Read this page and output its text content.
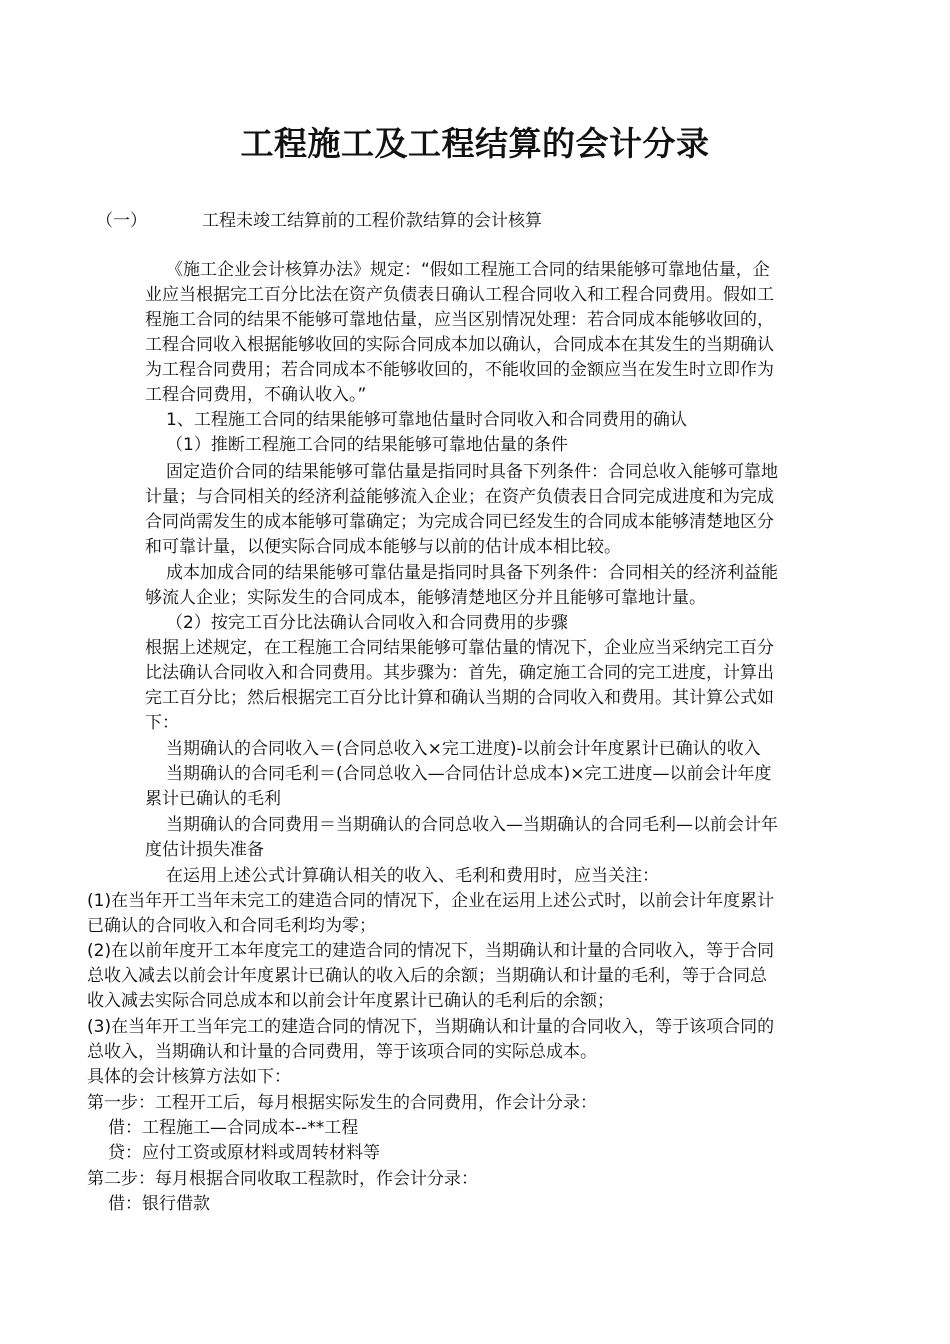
工程施工及工程结算的会计分录
（一）	工程未竣工结算前的工程价款结算的会计核算
《施工企业会计核算办法》规定：“假如工程施工合同的结果能够可靠地估量，企
业应当根据完工百分比法在资产负债表日确认工程合同收入和工程合同费用。假如工
程施工合同的结果不能够可靠地估量，应当区别情况处理：若合同成本能够收回的，
工程合同收入根据能够收回的实际合同成本加以确认，合同成本在其发生的当期确认
为工程合同费用；若合同成本不能够收回的，不能收回的金额应当在发生时立即作为
工程合同费用，不确认收入。”
1、工程施工合同的结果能够可靠地估量时合同收入和合同费用的确认
（1）推断工程施工合同的结果能够可靠地估量的条件
固定造价合同的结果能够可靠估量是指同时具备下列条件：合同总收入能够可靠地
计量；与合同相关的经济利益能够流入企业；在资产负债表日合同完成进度和为完成
合同尚需发生的成本能够可靠确定；为完成合同已经发生的合同成本能够清楚地区分
和可靠计量，以便实际合同成本能够与以前的估计成本相比较。
成本加成合同的结果能够可靠估量是指同时具备下列条件：合同相关的经济利益能
够流人企业；实际发生的合同成本，能够清楚地区分并且能够可靠地计量。
（2）按完工百分比法确认合同收入和合同费用的步骤
根据上述规定，在工程施工合同结果能够可靠估量的情况下，企业应当采纳完工百分
比法确认合同收入和合同费用。其步骤为：首先，确定施工合同的完工进度，计算出
完工百分比；然后根据完工百分比计算和确认当期的合同收入和费用。其计算公式如
下：
当期确认的合同收入＝(合同总收入×完工进度)-以前会计年度累计已确认的收入
当期确认的合同毛利＝(合同总收入—合同估计总成本)×完工进度—以前会计年度
累计已确认的毛利
当期确认的合同费用＝当期确认的合同总收入—当期确认的合同毛利—以前会计年
度估计损失准备
在运用上述公式计算确认相关的收入、毛利和费用时，应当关注：
(1)在当年开工当年未完工的建造合同的情况下，企业在运用上述公式时，以前会计年度累计
已确认的合同收入和合同毛利均为零；
(2)在以前年度开工本年度完工的建造合同的情况下，当期确认和计量的合同收入，等于合同
总收入减去以前会计年度累计已确认的收入后的余额；当期确认和计量的毛利，等于合同总
收入减去实际合同总成本和以前会计年度累计已确认的毛利后的余额；
(3)在当年开工当年完工的建造合同的情况下，当期确认和计量的合同收入，等于该项合同的
总收入，当期确认和计量的合同费用，等于该项合同的实际总成本。
具体的会计核算方法如下：
第一步：工程开工后，每月根据实际发生的合同费用，作会计分录：
借：工程施工—合同成本--**工程
贷：应付工资或原材料或周转材料等
第二步：每月根据合同收取工程款时，作会计分录：
借：银行借款
